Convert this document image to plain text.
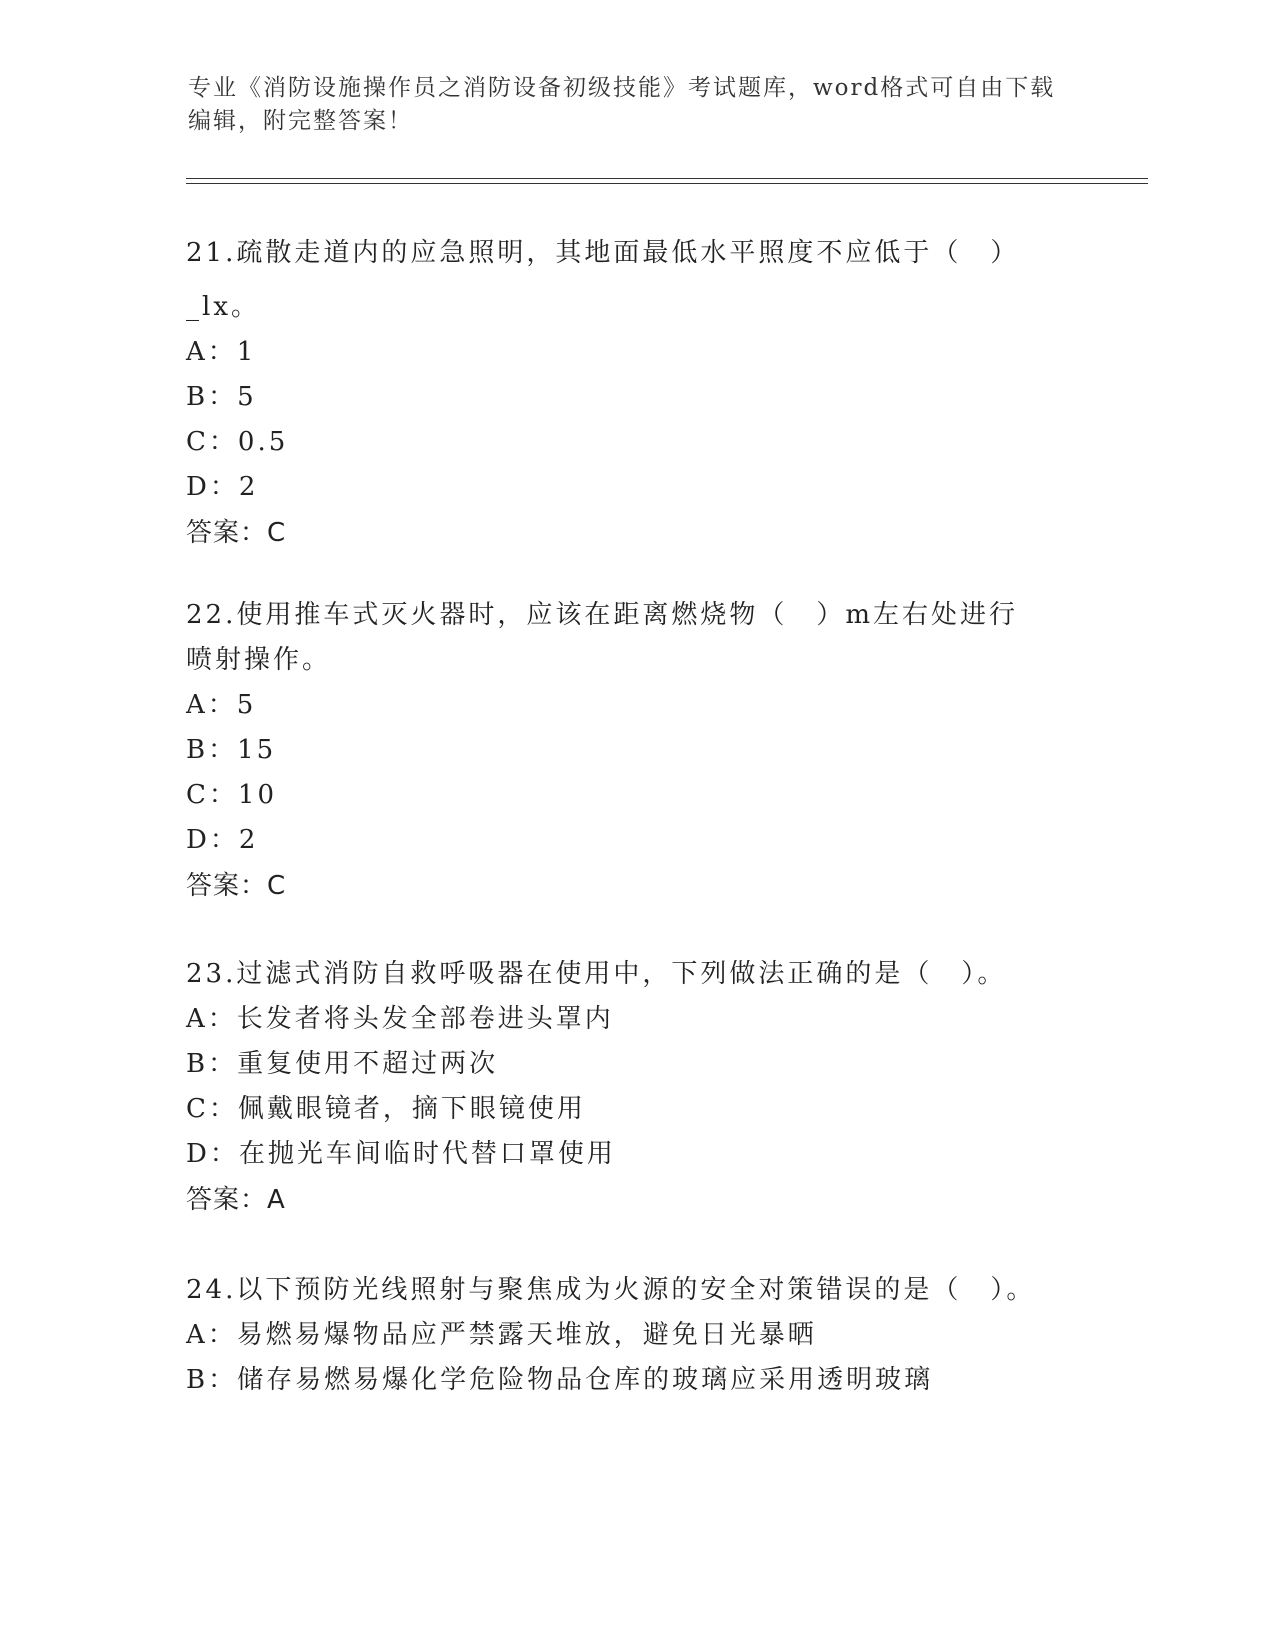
专业《消防设施操作员之消防设备初级技能》考试题库，word格式可自由下载编辑，附完整答案！
21.疏散走道内的应急照明，其地面最低水平照度不应低于（　）_lx。
A：1
B：5
C：0.5
D：2
答案：C
22.使用推车式灭火器时，应该在距离燃烧物（　）m左右处进行喷射操作。
A：5
B：15
C：10
D：2
答案：C
23.过滤式消防自救呼吸器在使用中，下列做法正确的是（　）。
A：长发者将头发全部卷进头罩内
B：重复使用不超过两次
C：佩戴眼镜者，摘下眼镜使用
D：在抛光车间临时代替口罩使用
答案：A
24.以下预防光线照射与聚焦成为火源的安全对策错误的是（　）。
A：易燃易爆物品应严禁露天堆放，避免日光暴晒
B：储存易燃易爆化学危险物品仓库的玻璃应采用透明玻璃
